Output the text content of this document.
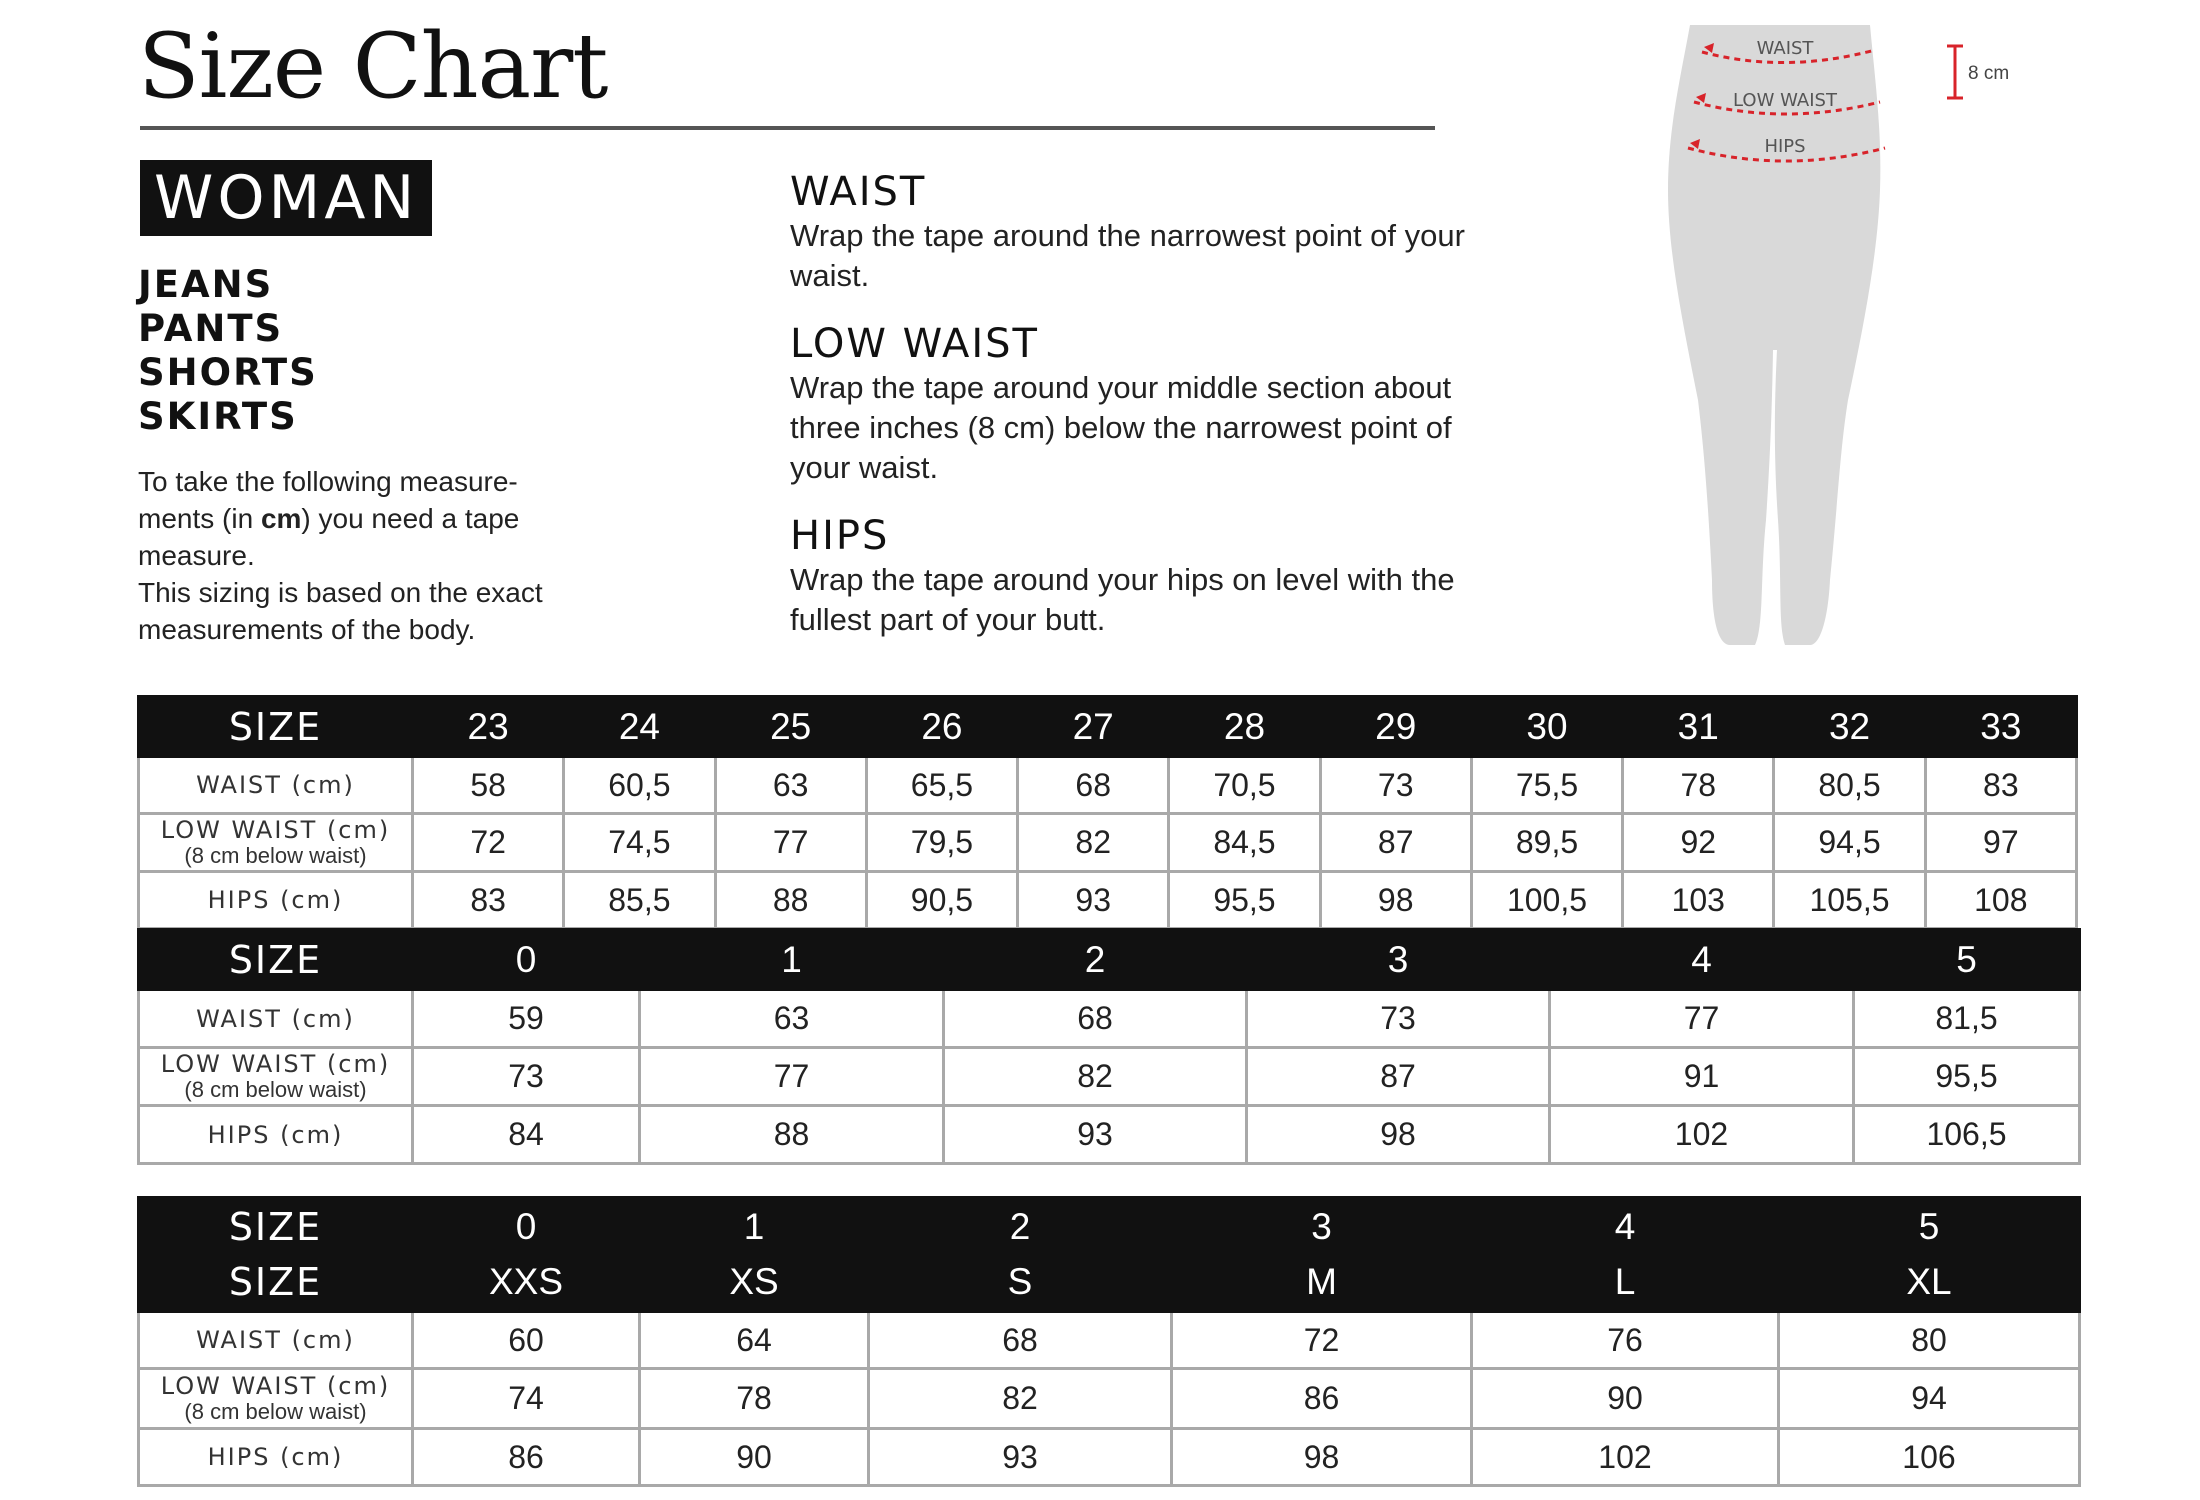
Size Chart
WOMAN
JEANS
PANTS
SHORTS
SKIRTS

To take the following measure-ments (in cm) you need a tape measure.

This sizing is based on the exact measurements of the body.

WAIST
Wrap the tape around the narrowest point of your waist.
LOW WAIST
Wrap the tape around your middle section about three inches (8 cm) below the narrowest point of your waist.
HIPS
Wrap the tape around your hips on level with the fullest part of your butt.
WAIST
LOW WAIST
HIPS
8 cm
SIZE	23	24	25	26	27	28	29	30	31	32	33
WAIST (cm)	58	60,5	63	65,5	68	70,5	73	75,5	78	80,5	83
LOW WAIST (cm)
(8 cm below waist)	72	74,5	77	79,5	82	84,5	87	89,5	92	94,5	97
HIPS (cm)	83	85,5	88	90,5	93	95,5	98	100,5	103	105,5	108
SIZE	0	1	2	3	4	5
WAIST (cm)	59	63	68	73	77	81,5
LOW WAIST (cm)
(8 cm below waist)	73	77	82	87	91	95,5
HIPS (cm)	84	88	93	98	102	106,5
SIZE	0	1	2	3	4	5
SIZE	XXS	XS	S	M	L	XL
WAIST (cm)	60	64	68	72	76	80
LOW WAIST (cm)
(8 cm below waist)	74	78	82	86	90	94
HIPS (cm)	86	90	93	98	102	106
